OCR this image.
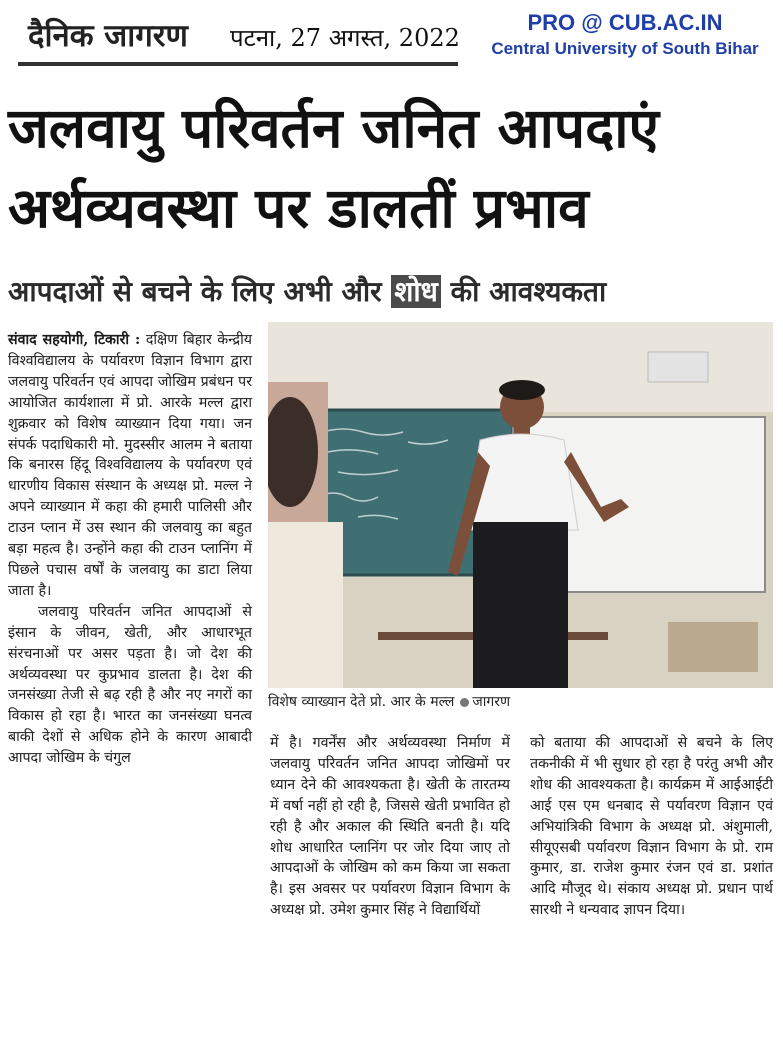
दैनिक जागरण पटना, 27 अगस्त, 2022
PRO @ CUB.AC.IN
Central University of South Bihar
जलवायु परिवर्तन जनित आपदाएं
अर्थव्यवस्था पर डालतीं प्रभाव
आपदाओं से बचने के लिए अभी और शोध की आवश्यकता

संवाद सहयोगी, टिकारी : दक्षिण बिहार केन्द्रीय विश्वविद्यालय के पर्यावरण विज्ञान विभाग द्वारा जलवायु परिवर्तन एवं आपदा जोखिम प्रबंधन पर आयोजित कार्यशाला में प्रो. आरके मल्ल द्वारा शुक्रवार को विशेष व्याख्यान दिया गया। जन संपर्क पदाधिकारी मो. मुदस्सीर आलम ने बताया कि बनारस हिंदू विश्वविद्यालय के पर्यावरण एवं धारणीय विकास संस्थान के अध्यक्ष प्रो. मल्ल ने अपने व्याख्यान में कहा की हमारी पालिसी और टाउन प्लान में उस स्थान की जलवायु का बहुत बड़ा महत्व है। उन्होंने कहा की टाउन प्लानिंग में पिछले पचास वर्षों के जलवायु का डाटा लिया जाता है।

जलवायु परिवर्तन जनित आपदाओं से इंसान के जीवन, खेती, और आधारभूत संरचनाओं पर असर पड़ता है। जो देश की अर्थव्यवस्था पर कुप्रभाव डालता है। देश की जनसंख्या तेजी से बढ़ रही है और नए नगरों का विकास हो रहा है। भारत का जनसंख्या घनत्व बाकी देशों से अधिक होने के कारण आबादी आपदा जोखिम के चंगुल

विशेष व्याख्यान देते प्रो. आर के मल्ल जागरण

में है। गवर्नेंस और अर्थव्यवस्था निर्माण में जलवायु परिवर्तन जनित आपदा जोखिमों पर ध्यान देने की आवश्यकता है। खेती के तारतम्य में वर्षा नहीं हो रही है, जिससे खेती प्रभावित हो रही है और अकाल की स्थिति बनती है। यदि शोध आधारित प्लानिंग पर जोर दिया जाए तो आपदाओं के जोखिम को कम किया जा सकता है। इस अवसर पर पर्यावरण विज्ञान विभाग के अध्यक्ष प्रो. उमेश कुमार सिंह ने विद्यार्थियों

को बताया की आपदाओं से बचने के लिए तकनीकी में भी सुधार हो रहा है परंतु अभी और शोध की आवश्यकता है। कार्यक्रम में आईआईटी आई एस एम धनबाद से पर्यावरण विज्ञान एवं अभियांत्रिकी विभाग के अध्यक्ष प्रो. अंशुमाली, सीयूएसबी पर्यावरण विज्ञान विभाग के प्रो. राम कुमार, डा. राजेश कुमार रंजन एवं डा. प्रशांत आदि मौजूद थे। संकाय अध्यक्ष प्रो. प्रधान पार्थ सारथी ने धन्यवाद ज्ञापन दिया।
